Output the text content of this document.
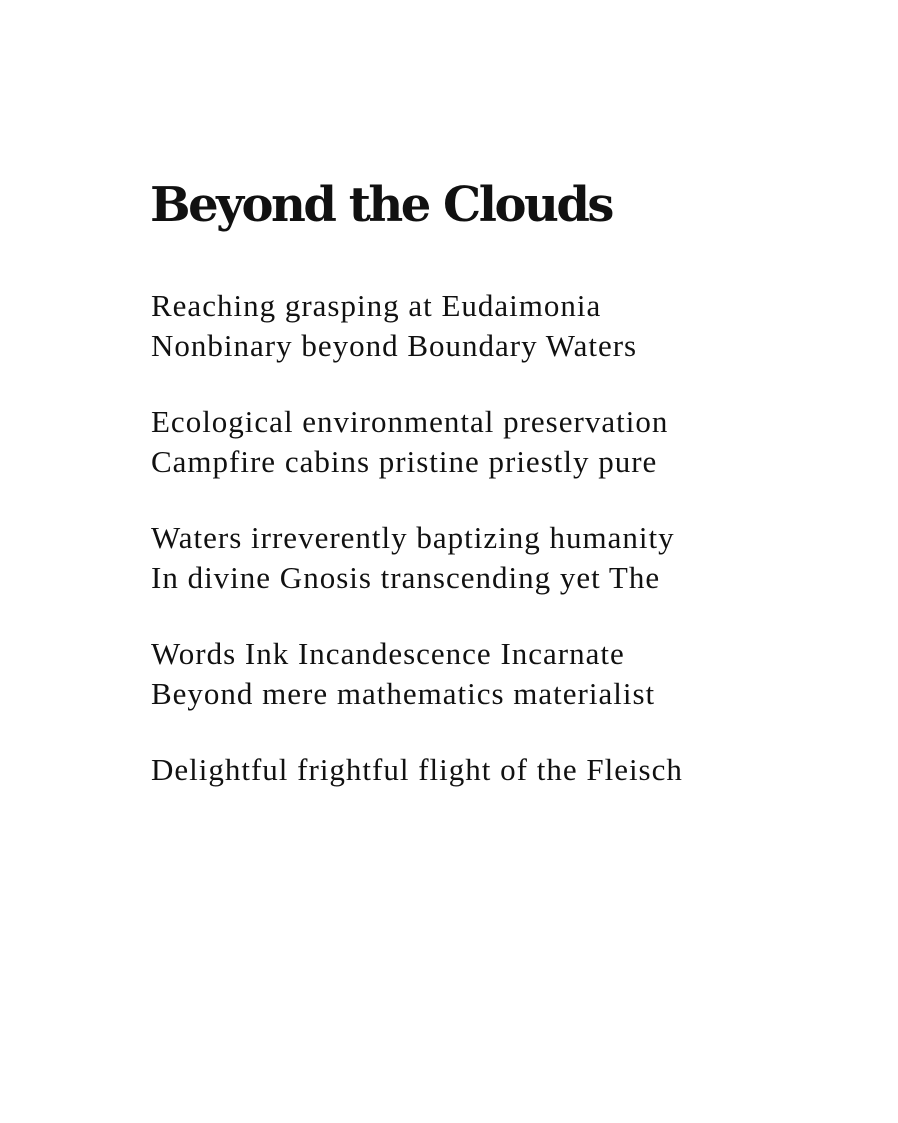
Beyond the Clouds

Reaching grasping at Eudaimonia
Nonbinary beyond Boundary Waters

Ecological environmental preservation
Campfire cabins pristine priestly pure

Waters irreverently baptizing humanity
In divine Gnosis transcending yet The

Words Ink Incandescence Incarnate
Beyond mere mathematics materialist

Delightful frightful flight of the Fleisch
